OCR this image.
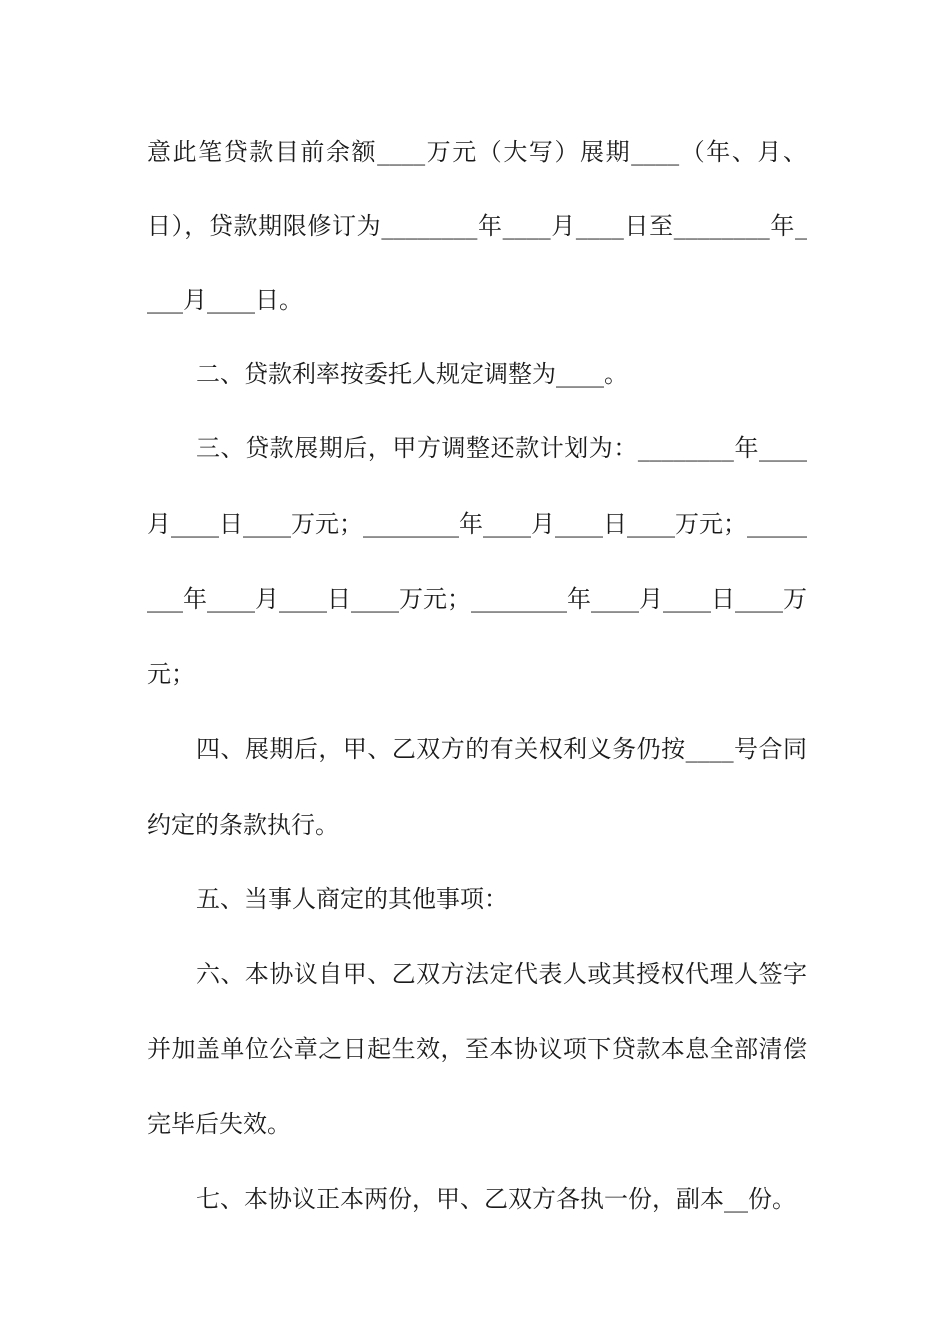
意此笔贷款目前余额____万元（大写）展期____（年、月、
日），贷款期限修订为________年____月____日至________年_
___月____日。
二、贷款利率按委托人规定调整为____。
三、贷款展期后，甲方调整还款计划为：________年____
月____日____万元；________年____月____日____万元；_____
___年____月____日____万元；________年____月____日____万
元；
四、展期后，甲、乙双方的有关权利义务仍按____号合同
约定的条款执行。
五、当事人商定的其他事项：
六、本协议自甲、乙双方法定代表人或其授权代理人签字
并加盖单位公章之日起生效，至本协议项下贷款本息全部清偿
完毕后失效。
七、本协议正本两份，甲、乙双方各执一份，副本__份。
